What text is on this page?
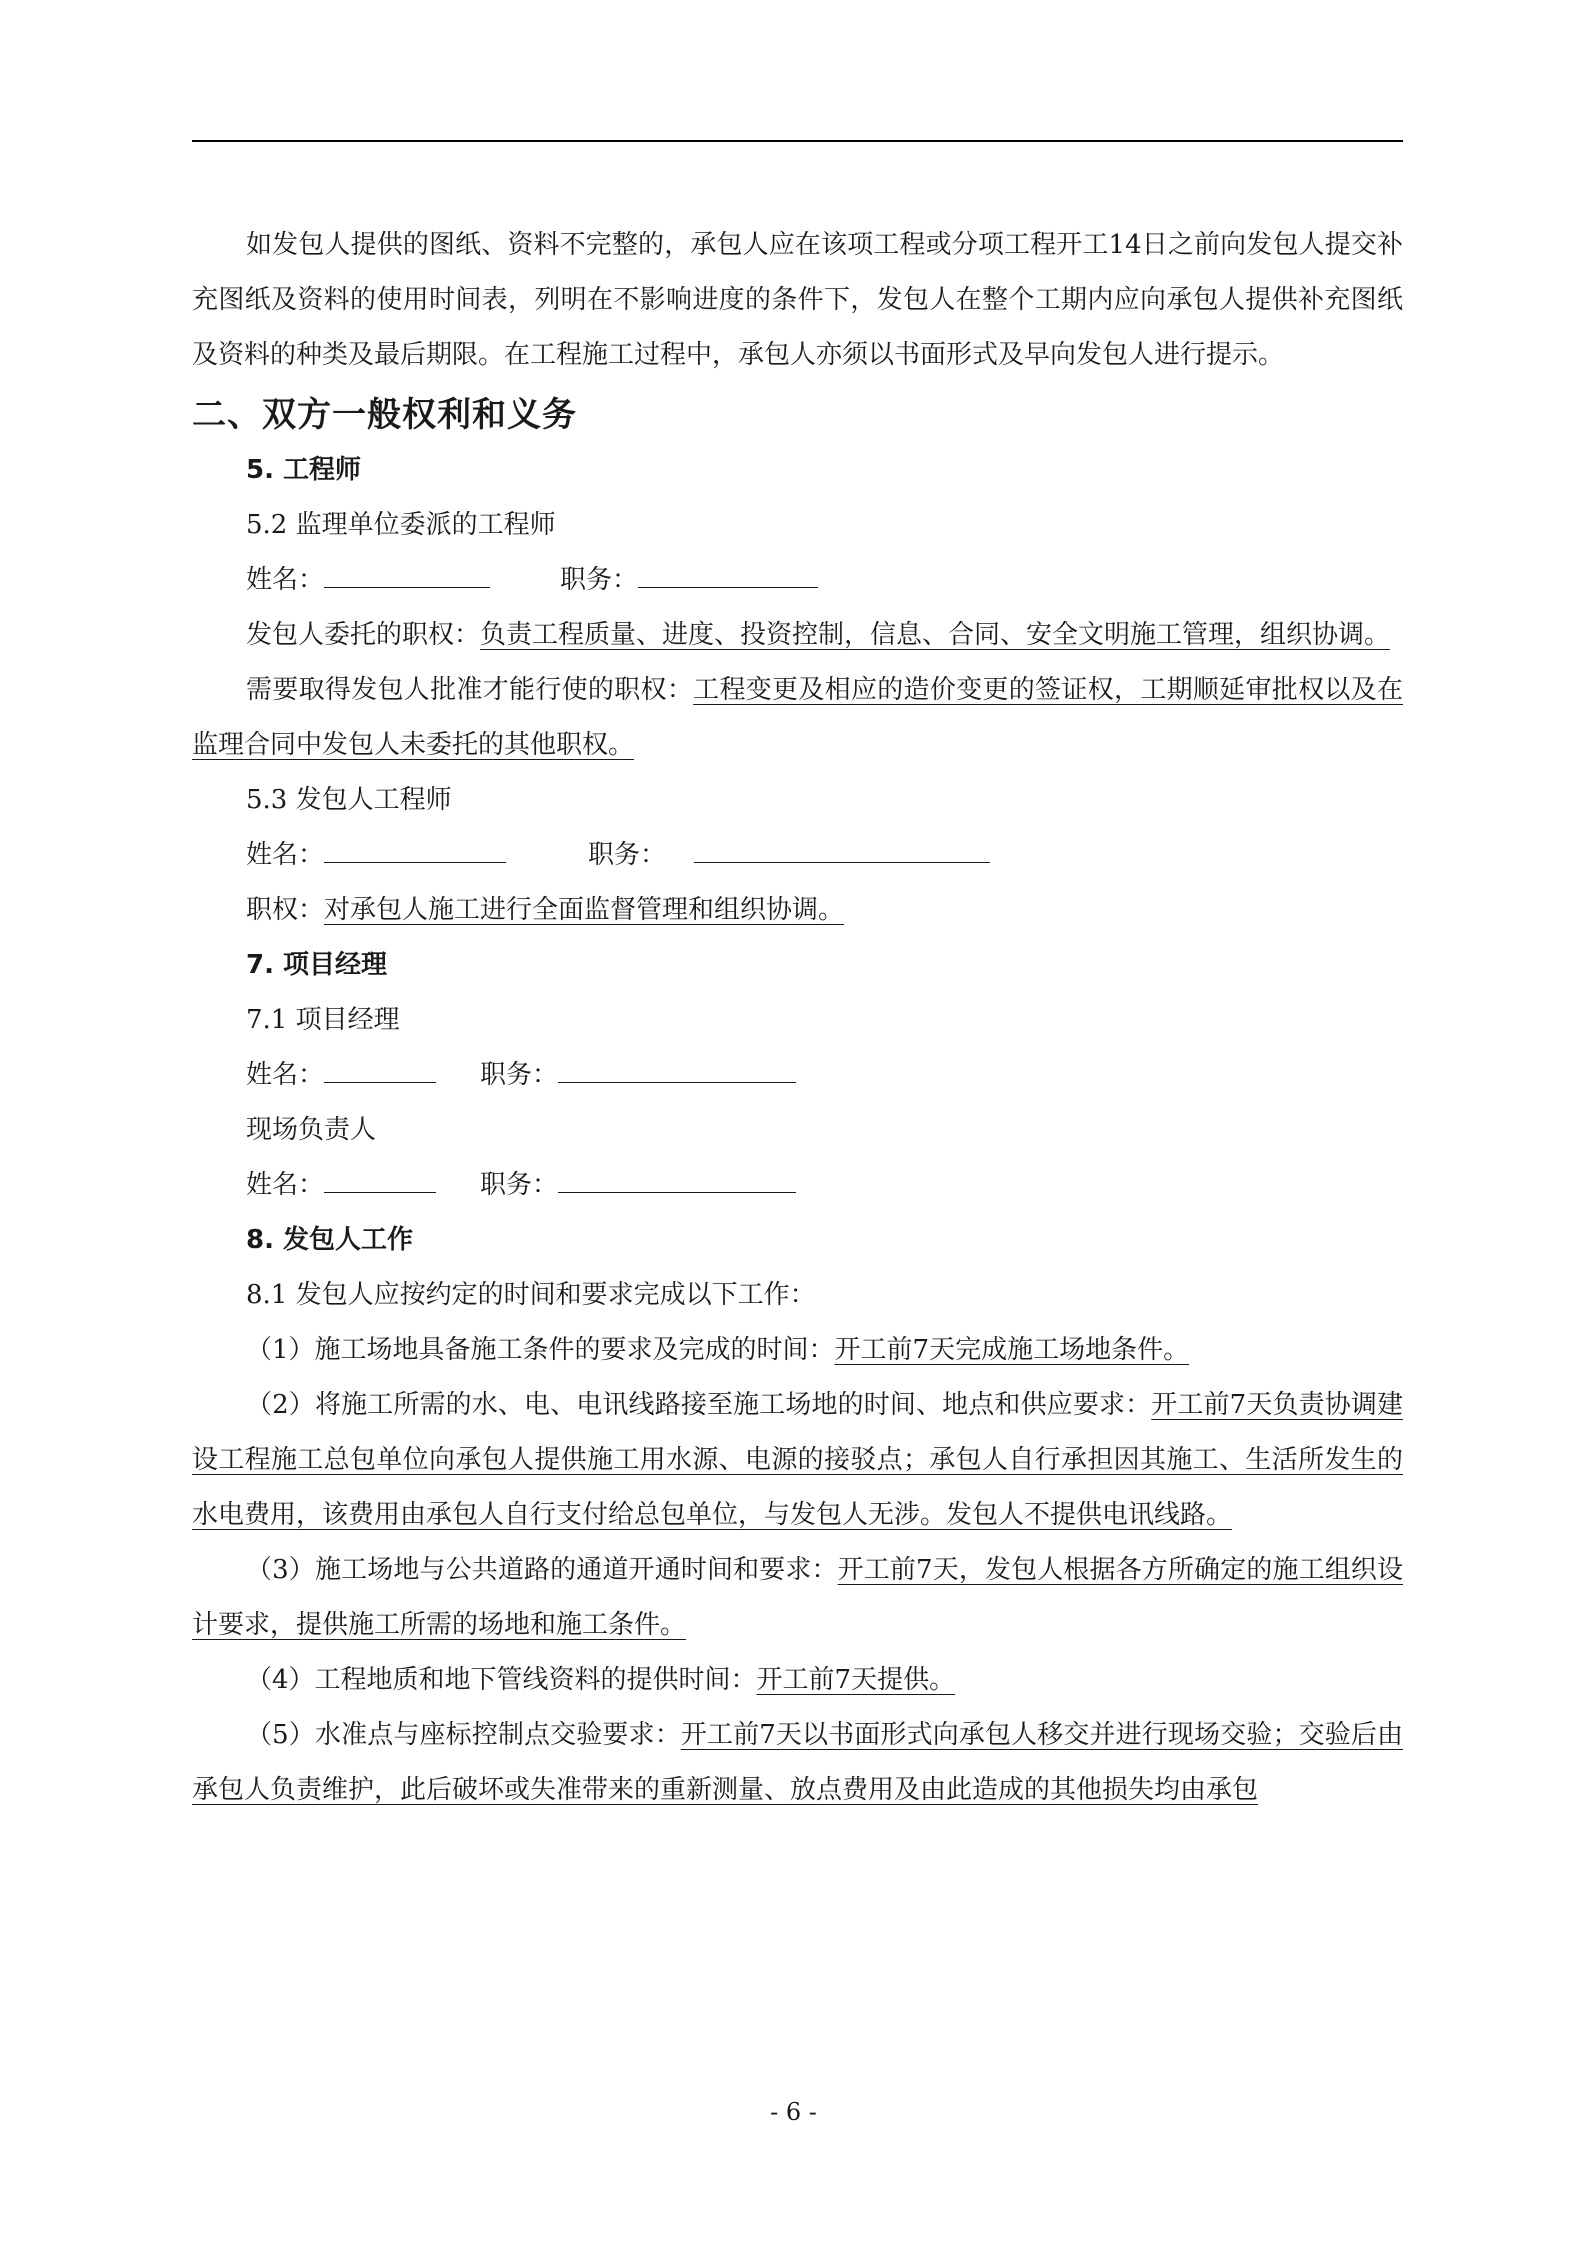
如发包人提供的图纸、资料不完整的，承包人应在该项工程或分项工程开工14日之前向发包人提交补充图纸及资料的使用时间表，列明在不影响进度的条件下，发包人在整个工期内应向承包人提供补充图纸及资料的种类及最后期限。在工程施工过程中，承包人亦须以书面形式及早向发包人进行提示。

二、双方一般权利和义务

5. 工程师

5.2 监理单位委派的工程师

姓名：	职务：

发包人委托的职权：负责工程质量、进度、投资控制，信息、合同、安全文明施工管理，组织协调。

需要取得发包人批准才能行使的职权：工程变更及相应的造价变更的签证权，工期顺延审批权以及在监理合同中发包人未委托的其他职权。

5.3 发包人工程师

姓名：	职务：

职权：对承包人施工进行全面监督管理和组织协调。

7. 项目经理

7.1 项目经理

姓名：	职务：

现场负责人

姓名：	职务：

8. 发包人工作

8.1 发包人应按约定的时间和要求完成以下工作：

（1）施工场地具备施工条件的要求及完成的时间：开工前7天完成施工场地条件。

（2）将施工所需的水、电、电讯线路接至施工场地的时间、地点和供应要求：开工前7天负责协调建设工程施工总包单位向承包人提供施工用水源、电源的接驳点；承包人自行承担因其施工、生活所发生的水电费用，该费用由承包人自行支付给总包单位，与发包人无涉。发包人不提供电讯线路。

（3）施工场地与公共道路的通道开通时间和要求：开工前7天，发包人根据各方所确定的施工组织设计要求，提供施工所需的场地和施工条件。

（4）工程地质和地下管线资料的提供时间：开工前7天提供。

（5）水准点与座标控制点交验要求：开工前7天以书面形式向承包人移交并进行现场交验；交验后由承包人负责维护，此后破坏或失准带来的重新测量、放点费用及由此造成的其他损失均由承包

- 6 -
